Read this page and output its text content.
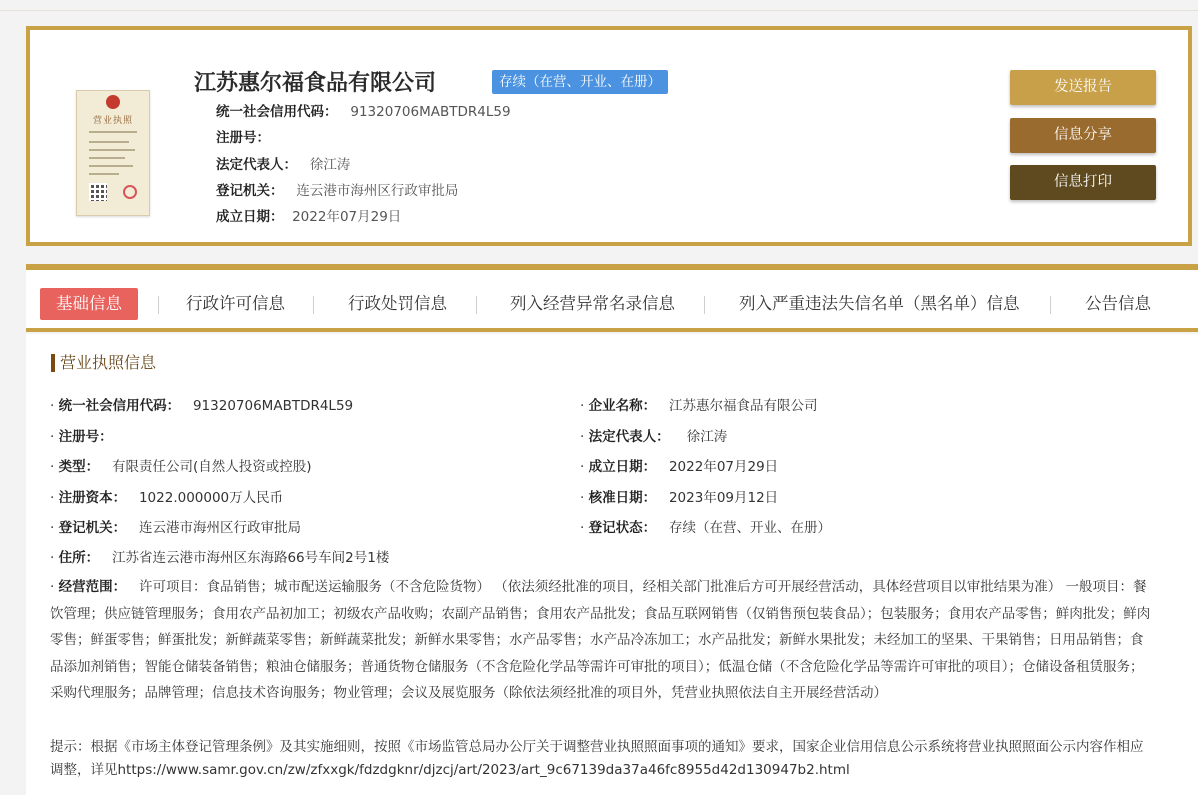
营业执照
江苏惠尔福食品有限公司	存续（在营、开业、在册）
统一社会信用代码： 91320706MABTDR4L59
注册号：
法定代表人： 徐江涛
登记机关： 连云港市海州区行政审批局
成立日期： 2022年07月29日
发送报告
信息分享
信息打印
基础信息	行政许可信息	行政处罚信息	列入经营异常名录信息	列入严重违法失信名单（黑名单）信息	公告信息
营业执照信息
· 统一社会信用代码： 91320706MABTDR4L59	· 企业名称： 江苏惠尔福食品有限公司
· 注册号：	· 法定代表人： 徐江涛
· 类型： 有限责任公司(自然人投资或控股)	· 成立日期： 2022年07月29日
· 注册资本： 1022.000000万人民币	· 核准日期： 2023年09月12日
· 登记机关： 连云港市海州区行政审批局	· 登记状态： 存续（在营、开业、在册）
· 住所： 江苏省连云港市海州区东海路66号车间2号1楼
· 经营范围： 许可项目：食品销售；城市配送运输服务（不含危险货物） （依法须经批准的项目，经相关部门批准后方可开展经营活动，具体经营项目以审批结果为准） 一般项目：餐饮管理；供应链管理服务；食用农产品初加工；初级农产品收购；农副产品销售；食用农产品批发；食品互联网销售（仅销售预包装食品）；包装服务；食用农产品零售；鲜肉批发；鲜肉零售；鲜蛋零售；鲜蛋批发；新鲜蔬菜零售；新鲜蔬菜批发；新鲜水果零售；水产品零售；水产品冷冻加工；水产品批发；新鲜水果批发；未经加工的坚果、干果销售；日用品销售；食品添加剂销售；智能仓储装备销售；粮油仓储服务；普通货物仓储服务（不含危险化学品等需许可审批的项目）；低温仓储（不含危险化学品等需许可审批的项目）；仓储设备租赁服务；采购代理服务；品牌管理；信息技术咨询服务；物业管理；会议及展览服务（除依法须经批准的项目外，凭营业执照依法自主开展经营活动）
提示：根据《市场主体登记管理条例》及其实施细则，按照《市场监管总局办公厅关于调整营业执照照面事项的通知》要求，国家企业信用信息公示系统将营业执照照面公示内容作相应调整，详见https://www.samr.gov.cn/zw/zfxxgk/fdzdgknr/djzcj/art/2023/art_9c67139da37a46fc8955d42d130947b2.html
